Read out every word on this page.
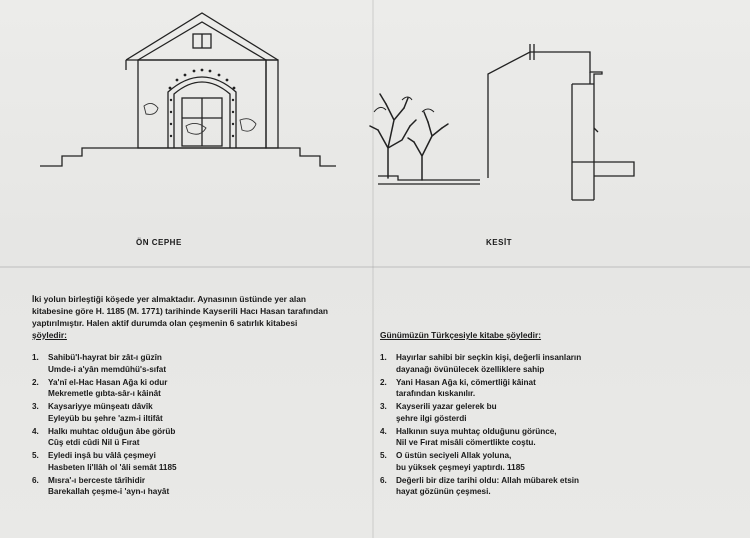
ÖN CEPHE	KESİT
İki yolun birleştiği köşede yer almaktadır. Aynasının üstünde yer alan
kitabesine göre H. 1185 (M. 1771) tarihinde Kayserili Hacı Hasan tarafından
yaptırılmıştır. Halen aktif durumda olan çeşmenin 6 satırlık kitabesi
şöyledir:	Günümüzün Türkçesiyle kitabe şöyledir:
1. Sahibü'l-hayrat bir zât-ı güzîn
Umde-i a'yân memdûhü's-sıfat
2. Ya'nî el-Hac Hasan Ağa ki odur
Mekremetle gıbta-sâr-ı kâinât
3. Kaysariyye münşeatı dâvîk
Eyleyüb bu şehre 'azm-i iltifât
4. Halkı muhtac olduğun âbe görüb
Cûş etdi cûdi Nil ü Fırat
5. Eyledi inşâ bu vâlâ çeşmeyi
Hasbeten li'llâh ol 'âli semât 1185
6. Mısra'-ı berceste târîhidir
Barekallah çeşme-i 'ayn-ı hayât
1. Hayırlar sahibi bir seçkin kişi, değerli insanların
dayanağı övünülecek özelliklere sahip
2. Yani Hasan Ağa ki, cömertliği kâinat
tarafından kıskanılır.
3. Kayserili yazar gelerek bu
şehre ilgi gösterdi
4. Halkının suya muhtaç olduğunu görünce,
Nil ve Fırat misâli cömertlikte coştu.
5. O üstün seciyeli Allak yoluna,
bu yüksek çeşmeyi yaptırdı. 1185
6. Değerli bir dize tarihi oldu: Allah mübarek etsin
hayat gözünün çeşmesi.
